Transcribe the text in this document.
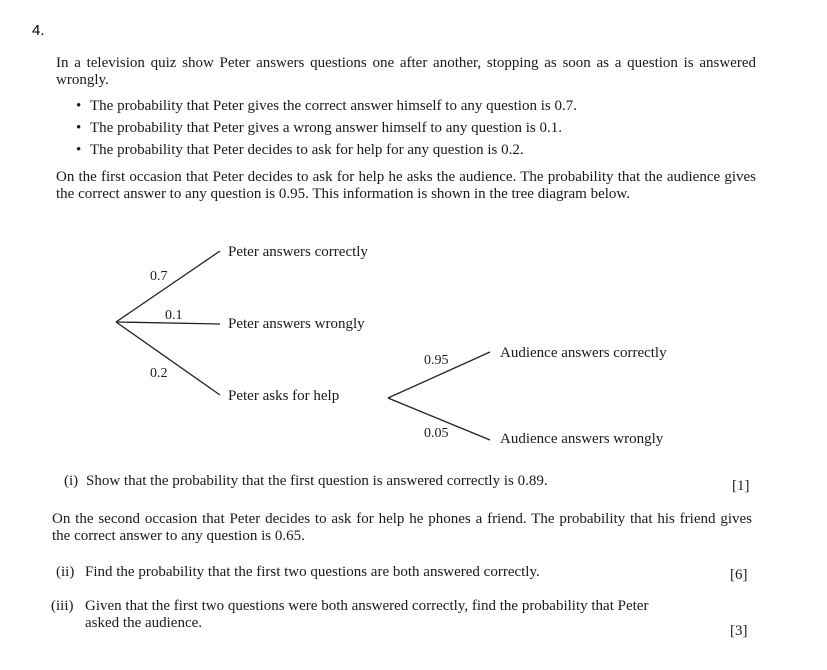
4.
In a television quiz show Peter answers questions one after another, stopping as soon as a question is answered wrongly.
• The probability that Peter gives the correct answer himself to any question is 0.7.
• The probability that Peter gives a wrong answer himself to any question is 0.1.
• The probability that Peter decides to ask for help for any question is 0.2.
On the first occasion that Peter decides to ask for help he asks the audience. The probability that the audience gives the correct answer to any question is 0.95. This information is shown in the tree diagram below.
0.7
0.1
0.2
Peter answers correctly
Peter answers wrongly
Peter asks for help
0.95
0.05
Audience answers correctly
Audience answers wrongly
(i) Show that the probability that the first question is answered correctly is 0.89.	[1]
On the second occasion that Peter decides to ask for help he phones a friend. The probability that his friend gives the correct answer to any question is 0.65.
(ii) Find the probability that the first two questions are both answered correctly.	[6]
(iii) Given that the first two questions were both answered correctly, find the probability that Peter
asked the audience.	[3]
